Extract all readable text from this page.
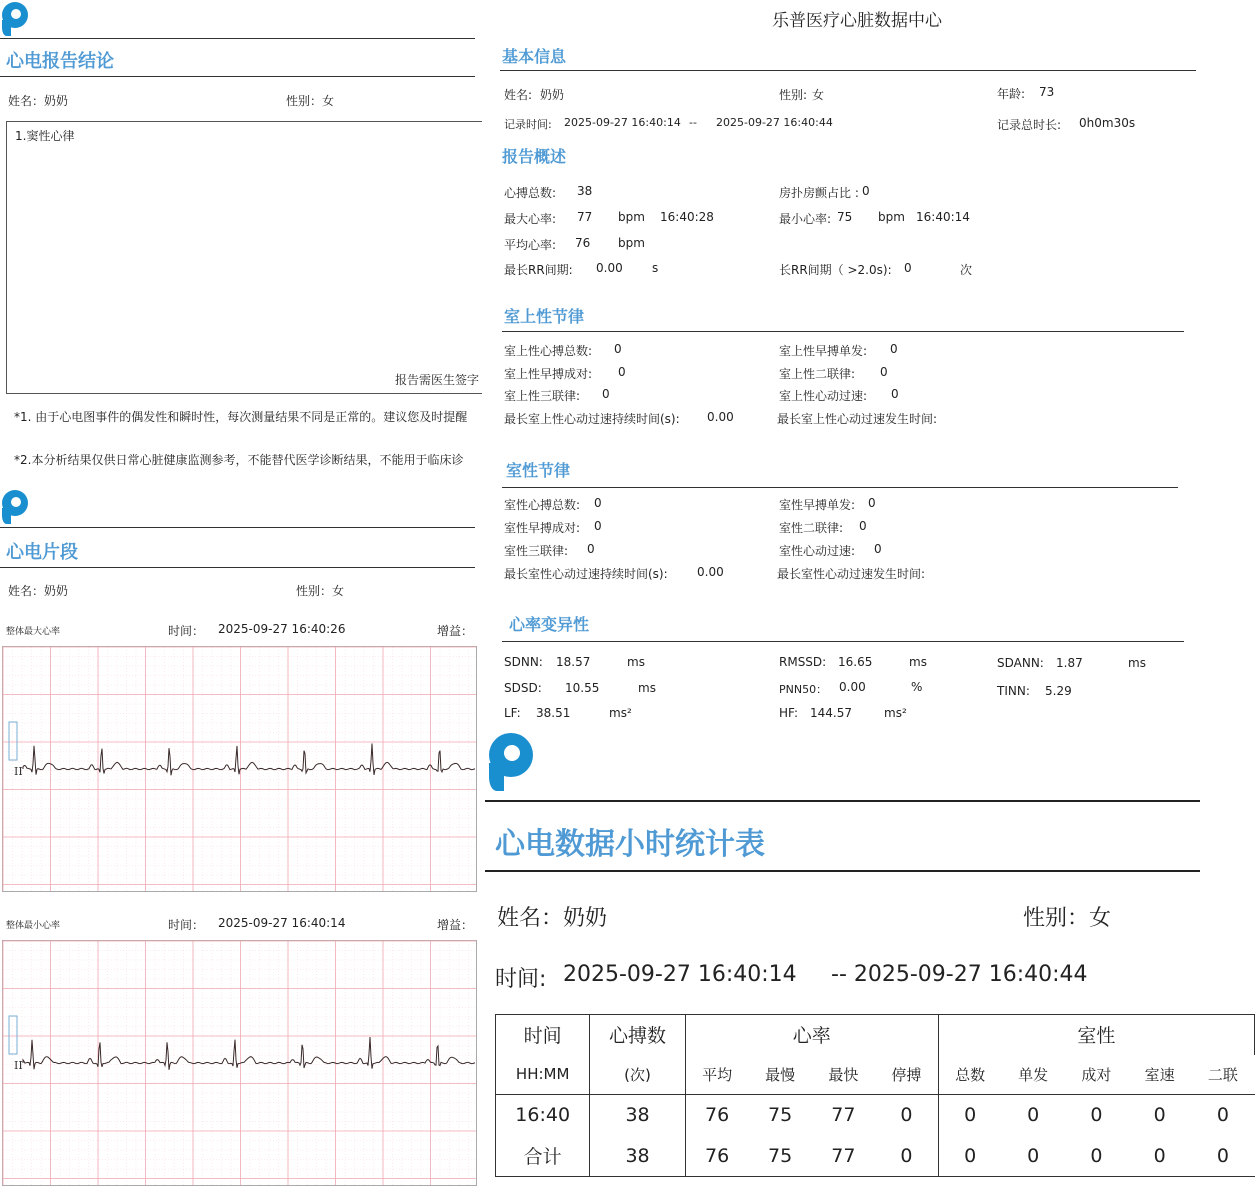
心电报告结论
姓名：奶奶	性别：女
1.窦性心律
报告需医生签字
*1. 由于心电图事件的偶发性和瞬时性，每次测量结果不同是正常的。建议您及时提醒
*2.本分析结果仅供日常心脏健康监测参考，不能替代医学诊断结果，不能用于临床诊
心电片段
姓名：奶奶	性别：女
整体最大心率	时间： 2025-09-27 16:40:26	增益：
II
整体最小心率	时间： 2025-09-27 16:40:14	增益：
II
乐普医疗心脏数据中心
基本信息
姓名: 奶奶	性别: 女	年龄: 73
记录时间: 2025-09-27 16:40:14 -- 2025-09-27 16:40:44	记录总时长: 0h0m30s
报告概述
心搏总数: 38	房扑房颤占比 : 0
最大心率: 77 bpm 16:40:28	最小心率: 75 bpm 16:40:14
平均心率: 76 bpm
最长RR间期: 0.00 s	长RR间期（ >2.0s): 0	次
室上性节律
室上性心搏总数: 0	室上性早搏单发: 0
室上性早搏成对: 0	室上性二联律: 0
室上性三联律: 0	室上性心动过速: 0
最长室上性心动过速持续时间(s): 0.00	最长室上性心动过速发生时间:
室性节律
室性心搏总数: 0	室性早搏单发: 0
室性早搏成对: 0	室性二联律: 0
室性三联律: 0	室性心动过速: 0
最长室性心动过速持续时间(s): 0.00	最长室性心动过速发生时间:
心率变异性
SDNN: 18.57	ms	RMSSD: 16.65	ms	SDANN: 1.87	ms
SDSD: 10.55	ms	PNN50： 0.00	%	TINN: 5.29
LF: 38.51	ms²	HF: 144.57	ms²
心电数据小时统计表
姓名：奶奶	性别：女
时间: 2025-09-27 16:40:14 -- 2025-09-27 16:40:44
时间	心搏数	心率				室性				
HH:MM	(次)	平均	最慢	最快	停搏	总数	单发	成对	室速	二联
16:40	38	76	75	77	0	0	0	0	0	0
合计	38	76	75	77	0	0	0	0	0	0
